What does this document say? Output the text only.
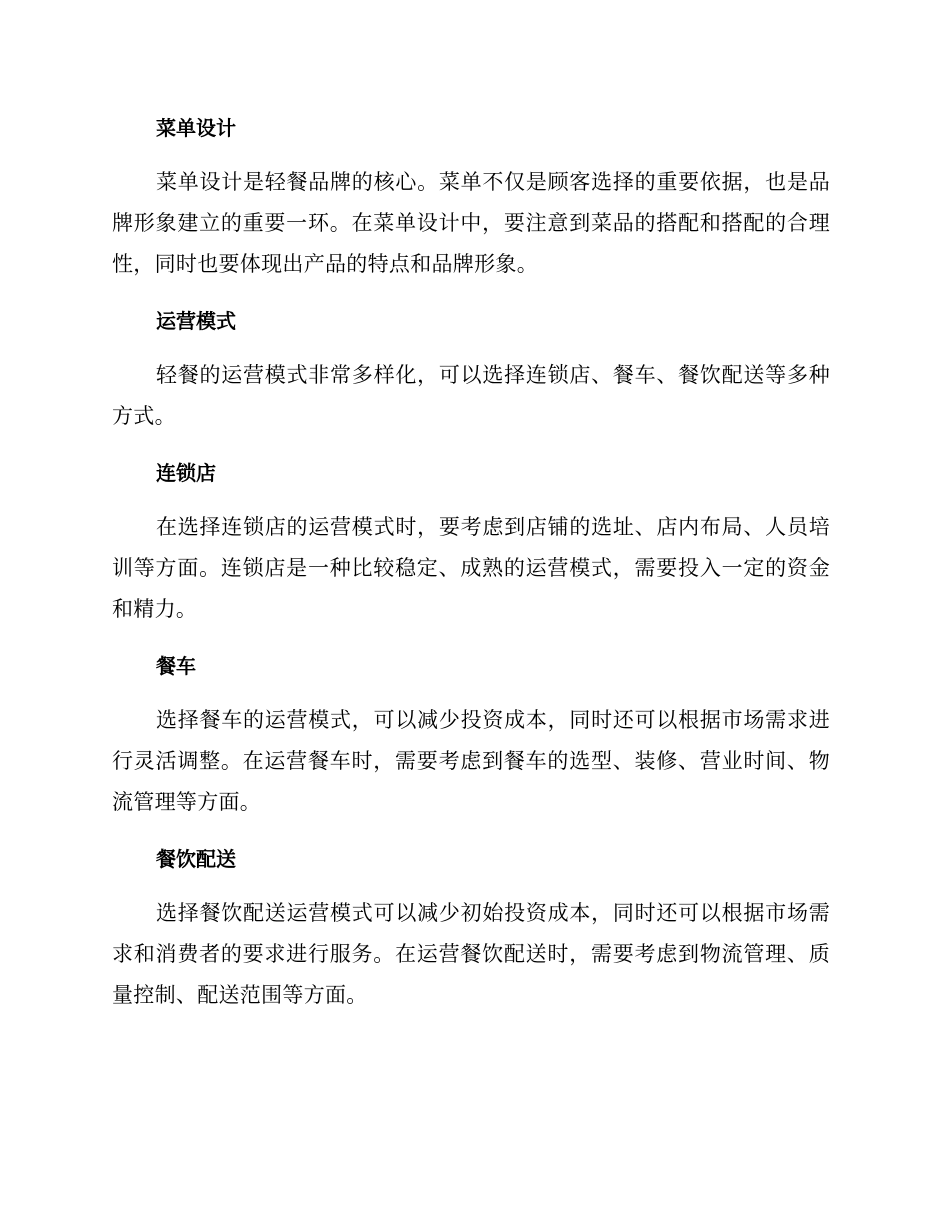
菜单设计

菜单设计是轻餐品牌的核心。菜单不仅是顾客选择的重要依据，也是品牌形象建立的重要一环。在菜单设计中，要注意到菜品的搭配和搭配的合理性，同时也要体现出产品的特点和品牌形象。

运营模式

轻餐的运营模式非常多样化，可以选择连锁店、餐车、餐饮配送等多种方式。

连锁店

在选择连锁店的运营模式时，要考虑到店铺的选址、店内布局、人员培训等方面。连锁店是一种比较稳定、成熟的运营模式，需要投入一定的资金和精力。

餐车

选择餐车的运营模式，可以减少投资成本，同时还可以根据市场需求进行灵活调整。在运营餐车时，需要考虑到餐车的选型、装修、营业时间、物流管理等方面。

餐饮配送

选择餐饮配送运营模式可以减少初始投资成本，同时还可以根据市场需求和消费者的要求进行服务。在运营餐饮配送时，需要考虑到物流管理、质量控制、配送范围等方面。
